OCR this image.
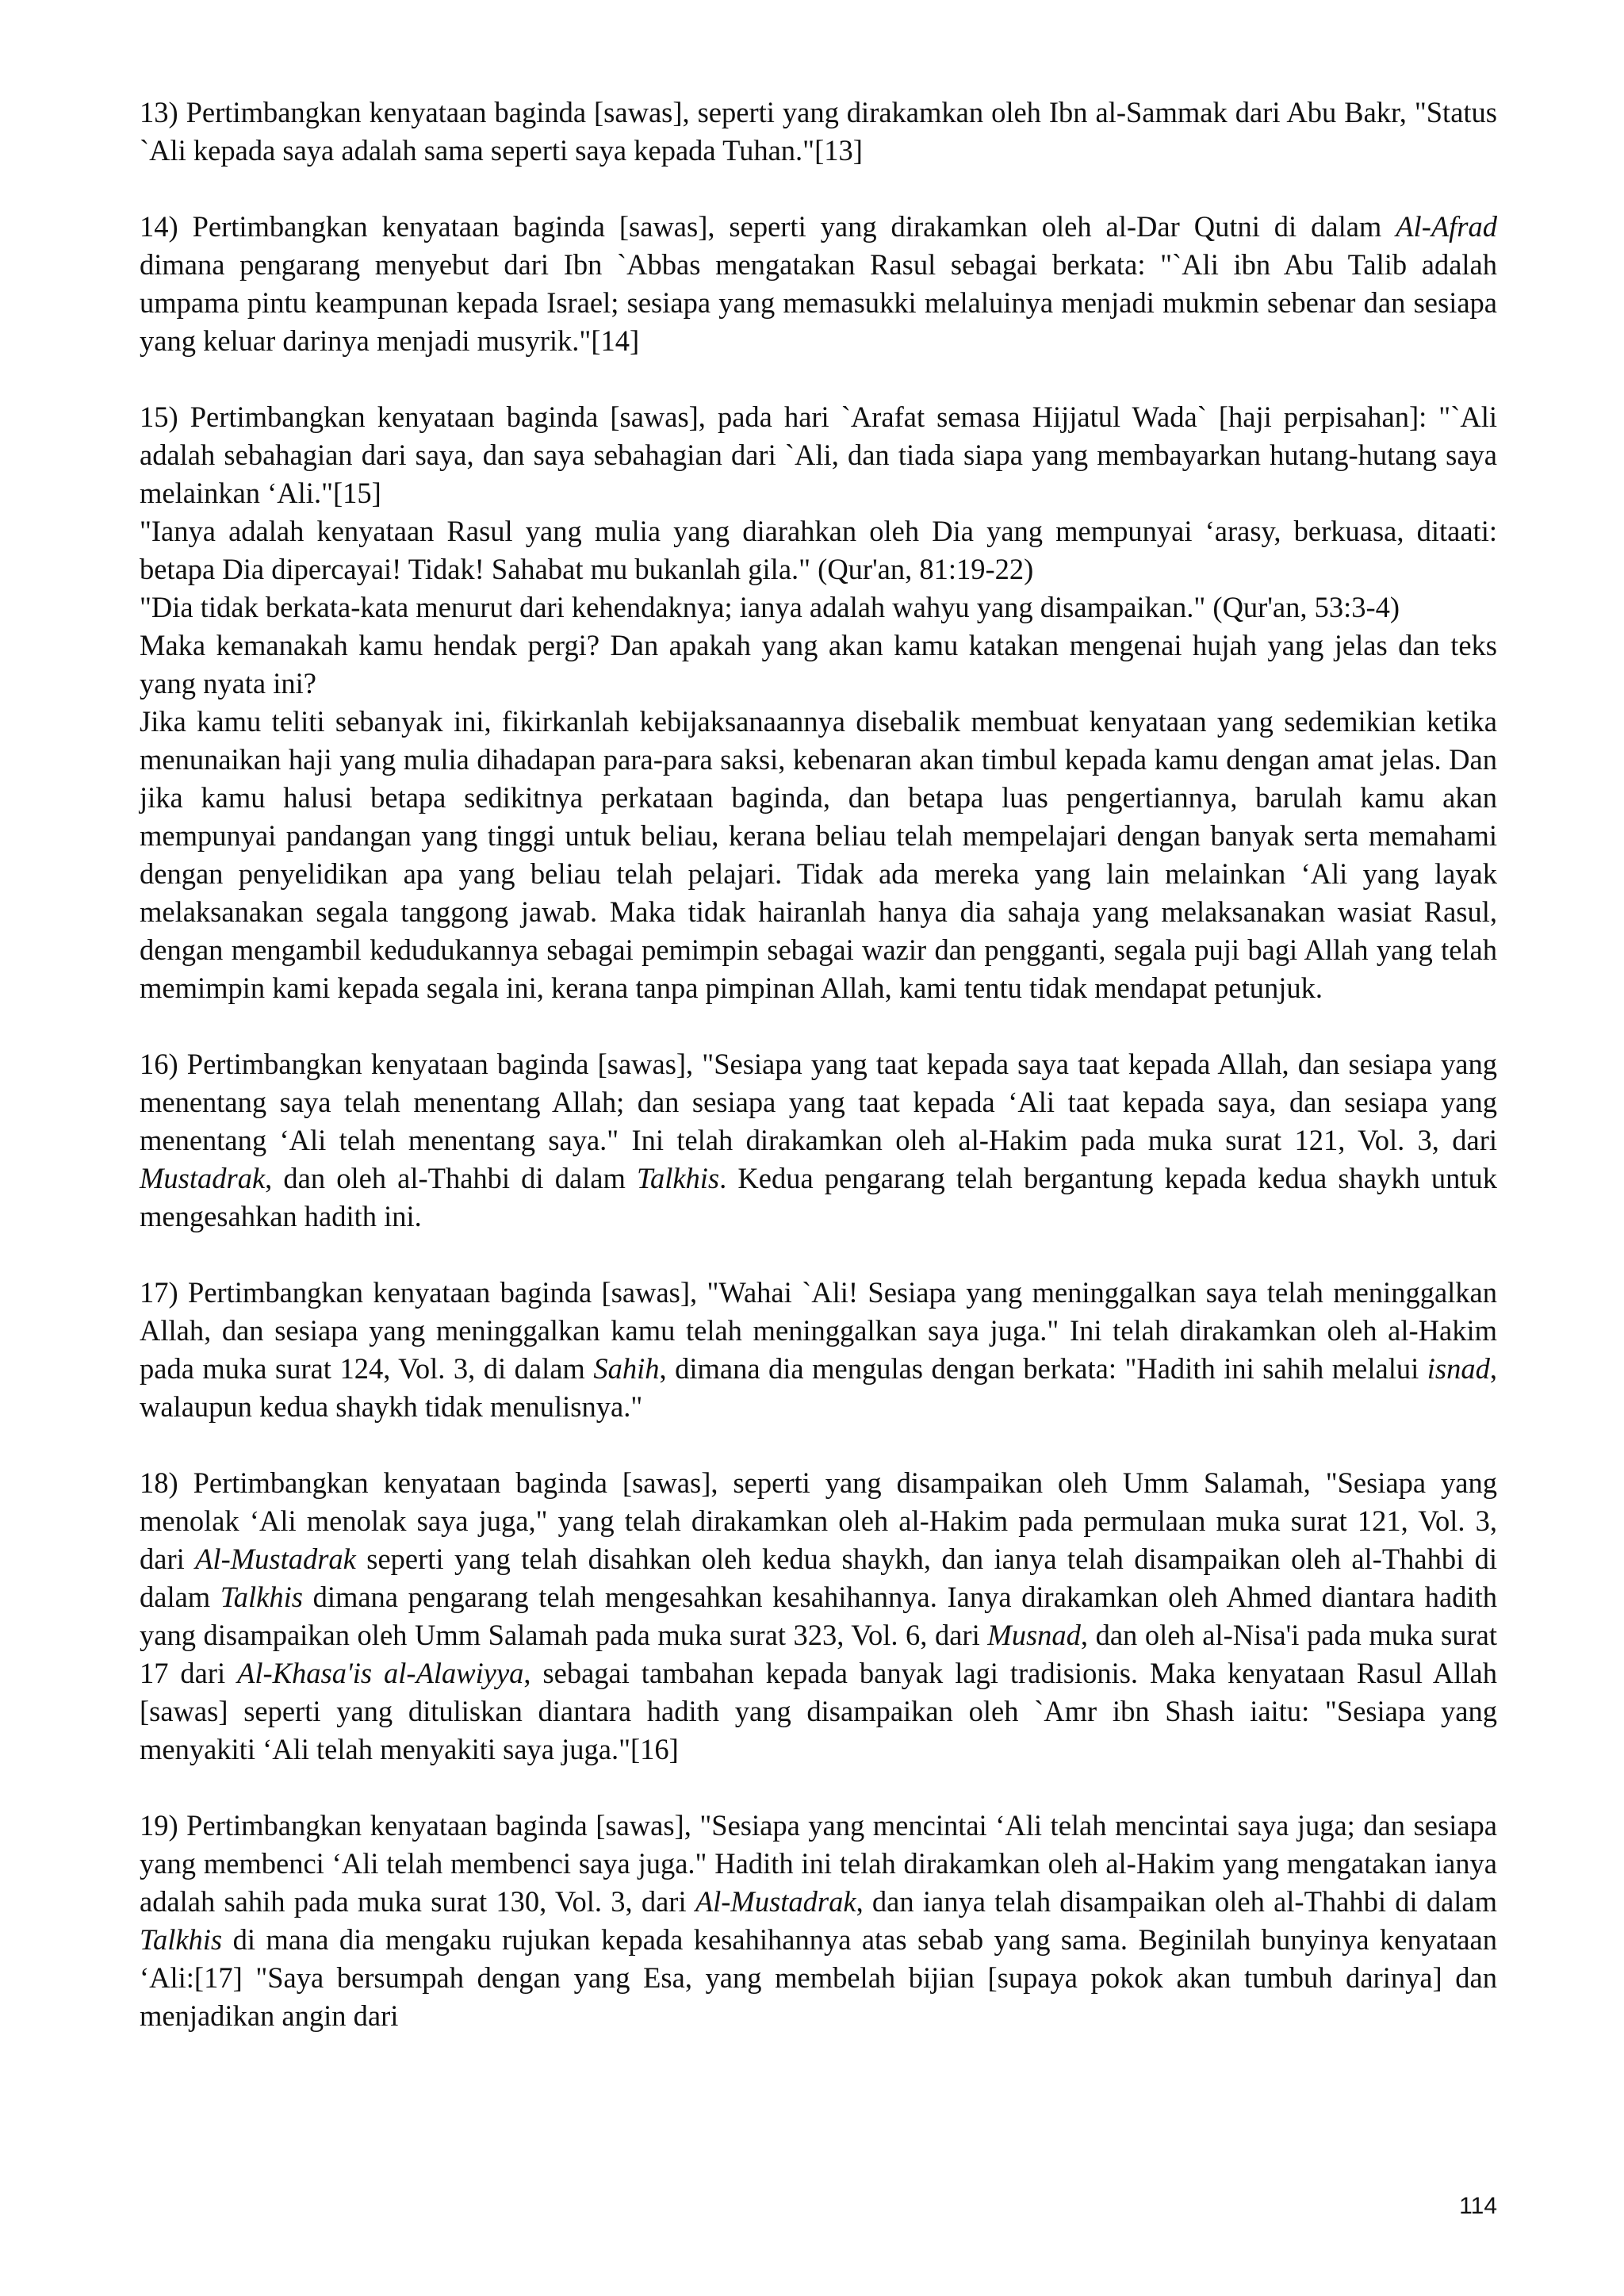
13) Pertimbangkan kenyataan baginda [sawas], seperti yang dirakamkan oleh Ibn al-Sammak dari Abu Bakr, "Status `Ali kepada saya adalah sama seperti saya kepada Tuhan."[13]

14) Pertimbangkan kenyataan baginda [sawas], seperti yang dirakamkan oleh al-Dar Qutni di dalam Al-Afrad dimana pengarang menyebut dari Ibn `Abbas mengatakan Rasul sebagai berkata: "`Ali ibn Abu Talib adalah umpama pintu keampunan kepada Israel; sesiapa yang memasukki melaluinya menjadi mukmin sebenar dan sesiapa yang keluar darinya menjadi musyrik."[14]

15) Pertimbangkan kenyataan baginda [sawas], pada hari `Arafat semasa Hijjatul Wada` [haji perpisahan]: "`Ali adalah sebahagian dari saya, dan saya sebahagian dari `Ali, dan tiada siapa yang membayarkan hutang-hutang saya melainkan ‘Ali."[15]

"Ianya adalah kenyataan Rasul yang mulia yang diarahkan oleh Dia yang mempunyai ‘arasy, berkuasa, ditaati: betapa Dia dipercayai! Tidak! Sahabat mu bukanlah gila." (Qur'an, 81:19-22)

"Dia tidak berkata-kata menurut dari kehendaknya; ianya adalah wahyu yang disampaikan." (Qur'an, 53:3-4)

Maka kemanakah kamu hendak pergi? Dan apakah yang akan kamu katakan mengenai hujah yang jelas dan teks yang nyata ini?

Jika kamu teliti sebanyak ini, fikirkanlah kebijaksanaannya disebalik membuat kenyataan yang sedemikian ketika menunaikan haji yang mulia dihadapan para-para saksi, kebenaran akan timbul kepada kamu dengan amat jelas. Dan jika kamu halusi betapa sedikitnya perkataan baginda, dan betapa luas pengertiannya, barulah kamu akan mempunyai pandangan yang tinggi untuk beliau, kerana beliau telah mempelajari dengan banyak serta memahami dengan penyelidikan apa yang beliau telah pelajari. Tidak ada mereka yang lain melainkan ‘Ali yang layak melaksanakan segala tanggong jawab. Maka tidak hairanlah hanya dia sahaja yang melaksanakan wasiat Rasul, dengan mengambil kedudukannya sebagai pemimpin sebagai wazir dan pengganti, segala puji bagi Allah yang telah memimpin kami kepada segala ini, kerana tanpa pimpinan Allah, kami tentu tidak mendapat petunjuk.

16) Pertimbangkan kenyataan baginda [sawas], "Sesiapa yang taat kepada saya taat kepada Allah, dan sesiapa yang menentang saya telah menentang Allah; dan sesiapa yang taat kepada ‘Ali taat kepada saya, dan sesiapa yang menentang ‘Ali telah menentang saya." Ini telah dirakamkan oleh al-Hakim pada muka surat 121, Vol. 3, dari Mustadrak, dan oleh al-Thahbi di dalam Talkhis. Kedua pengarang telah bergantung kepada kedua shaykh untuk mengesahkan hadith ini.

17) Pertimbangkan kenyataan baginda [sawas], "Wahai `Ali! Sesiapa yang meninggalkan saya telah meninggalkan Allah, dan sesiapa yang meninggalkan kamu telah meninggalkan saya juga." Ini telah dirakamkan oleh al-Hakim pada muka surat 124, Vol. 3, di dalam Sahih, dimana dia mengulas dengan berkata: "Hadith ini sahih melalui isnad, walaupun kedua shaykh tidak menulisnya."

18) Pertimbangkan kenyataan baginda [sawas], seperti yang disampaikan oleh Umm Salamah, "Sesiapa yang menolak ‘Ali menolak saya juga," yang telah dirakamkan oleh al-Hakim pada permulaan muka surat 121, Vol. 3, dari Al-Mustadrak seperti yang telah disahkan oleh kedua shaykh, dan ianya telah disampaikan oleh al-Thahbi di dalam Talkhis dimana pengarang telah mengesahkan kesahihannya. Ianya dirakamkan oleh Ahmed diantara hadith yang disampaikan oleh Umm Salamah pada muka surat 323, Vol. 6, dari Musnad, dan oleh al-Nisa'i pada muka surat 17 dari Al-Khasa'is al-Alawiyya, sebagai tambahan kepada banyak lagi tradisionis. Maka kenyataan Rasul Allah [sawas] seperti yang dituliskan diantara hadith yang disampaikan oleh `Amr ibn Shash iaitu: "Sesiapa yang menyakiti ‘Ali telah menyakiti saya juga."[16]

19) Pertimbangkan kenyataan baginda [sawas], "Sesiapa yang mencintai ‘Ali telah mencintai saya juga; dan sesiapa yang membenci ‘Ali telah membenci saya juga." Hadith ini telah dirakamkan oleh al-Hakim yang mengatakan ianya adalah sahih pada muka surat 130, Vol. 3, dari Al-Mustadrak, dan ianya telah disampaikan oleh al-Thahbi di dalam Talkhis di mana dia mengaku rujukan kepada kesahihannya atas sebab yang sama. Beginilah bunyinya kenyataan ‘Ali:[17] "Saya bersumpah dengan yang Esa, yang membelah bijian [supaya pokok akan tumbuh darinya] dan menjadikan angin dari

114
